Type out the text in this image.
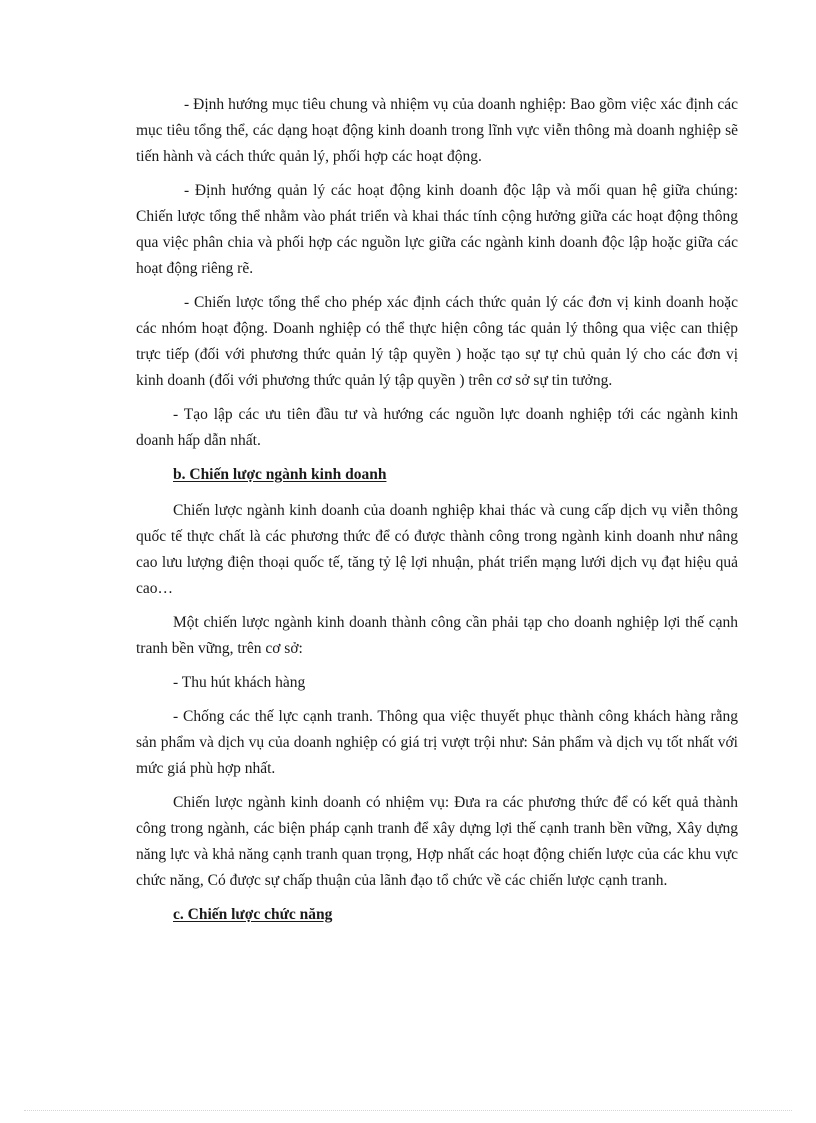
- Định hướng mục tiêu chung và nhiệm vụ của doanh nghiệp: Bao gồm việc xác định các mục tiêu tổng thể, các dạng hoạt động kinh doanh trong lĩnh vực viễn thông mà doanh nghiệp sẽ tiến hành và cách thức quản lý, phối hợp các hoạt động.

- Định hướng quản lý các hoạt động kinh doanh độc lập và mối quan hệ giữa chúng: Chiến lược tổng thể nhằm vào phát triển và khai thác tính cộng hưởng giữa các hoạt động thông qua việc phân chia và phối hợp các nguồn lực giữa các ngành kinh doanh độc lập hoặc giữa các hoạt động riêng rẽ.

- Chiến lược tổng thể cho phép xác định cách thức quản lý các đơn vị kinh doanh hoặc các nhóm hoạt động. Doanh nghiệp có thể thực hiện công tác quản lý thông qua việc can thiệp trực tiếp (đối với phương thức quản lý tập quyền ) hoặc tạo sự tự chủ quản lý cho các đơn vị kinh doanh (đối với phương thức quản lý tập quyền ) trên cơ sở sự tin tưởng.

- Tạo lập các ưu tiên đầu tư và hướng các nguồn lực doanh nghiệp tới các ngành kinh doanh hấp dẫn nhất.

b. Chiến lược ngành kinh doanh

Chiến lược ngành kinh doanh của doanh nghiệp khai thác và cung cấp dịch vụ viễn thông quốc tế thực chất là các phương thức để có được thành công trong ngành kinh doanh như nâng cao lưu lượng điện thoại quốc tế, tăng tỷ lệ lợi nhuận, phát triển mạng lưới dịch vụ đạt hiệu quả cao…

Một chiến lược ngành kinh doanh thành công cần phải tạp cho doanh nghiệp lợi thế cạnh tranh bền vững, trên cơ sở:

- Thu hút khách hàng

- Chống các thế lực cạnh tranh. Thông qua việc thuyết phục thành công khách hàng rằng sản phẩm và dịch vụ của doanh nghiệp có giá trị vượt trội như: Sản phẩm và dịch vụ tốt nhất với mức giá phù hợp nhất.

Chiến lược ngành kinh doanh có nhiệm vụ: Đưa ra các phương thức để có kết quả thành công trong ngành, các biện pháp cạnh tranh để xây dựng lợi thế cạnh tranh bền vững, Xây dựng năng lực và khả năng cạnh tranh quan trọng, Hợp nhất các hoạt động chiến lược của các khu vực chức năng, Có được sự chấp thuận của lãnh đạo tổ chức về các chiến lược cạnh tranh.

c. Chiến lược chức năng
